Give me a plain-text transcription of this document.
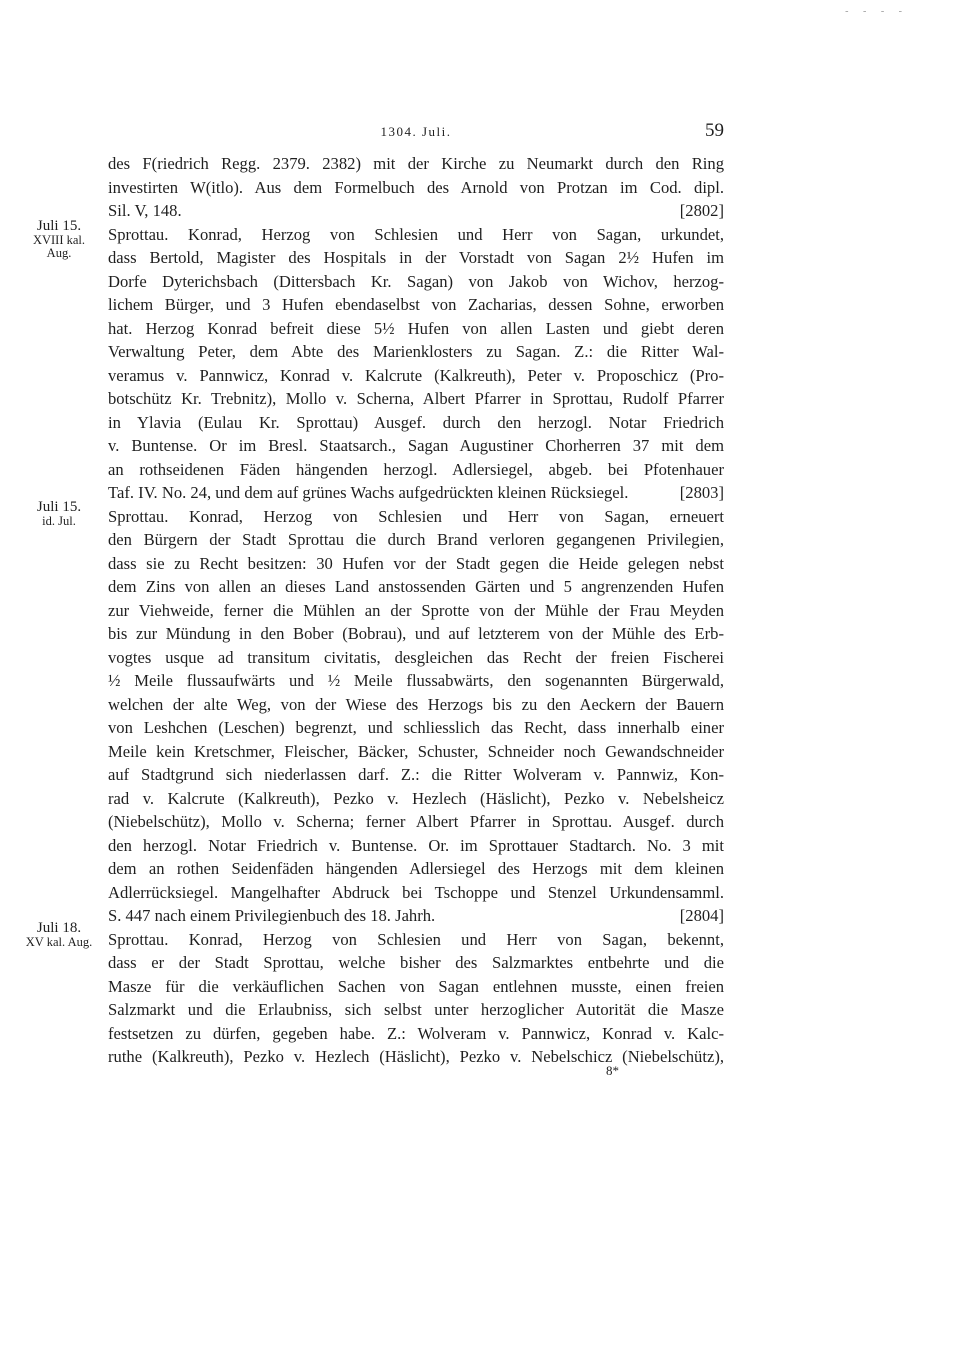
- - - -
1304. Juli.	59
Juli 15.
XVIII kal.
Aug.
Juli 15.
id. Jul.
Juli 18.
XV kal. Aug.
des F(riedrich Regg. 2379. 2382) mit der Kirche zu Neumarkt durch den Ring
investirten W(itlo). Aus dem Formelbuch des Arnold von Protzan im Cod. dipl.
Sil. V, 148.	[2802]
Sprottau. Konrad, Herzog von Schlesien und Herr von Sagan, urkundet,
dass Bertold, Magister des Hospitals in der Vorstadt von Sagan 2½ Hufen im
Dorfe Dyterichsbach (Dittersbach Kr. Sagan) von Jakob von Wichov, herzog-
lichem Bürger, und 3 Hufen ebendaselbst von Zacharias, dessen Sohne, erworben
hat. Herzog Konrad befreit diese 5½ Hufen von allen Lasten und giebt deren
Verwaltung Peter, dem Abte des Marienklosters zu Sagan. Z.: die Ritter Wal-
veramus v. Pannwicz, Konrad v. Kalcrute (Kalkreuth), Peter v. Proposchicz (Pro-
botschütz Kr. Trebnitz), Mollo v. Scherna, Albert Pfarrer in Sprottau, Rudolf Pfarrer
in Ylavia (Eulau Kr. Sprottau) Ausgef. durch den herzogl. Notar Friedrich
v. Buntense. Or im Bresl. Staatsarch., Sagan Augustiner Chorherren 37 mit dem
an rothseidenen Fäden hängenden herzogl. Adlersiegel, abgeb. bei Pfotenhauer
Taf. IV. No. 24, und dem auf grünes Wachs aufgedrückten kleinen Rücksiegel.	[2803]
Sprottau. Konrad, Herzog von Schlesien und Herr von Sagan, erneuert
den Bürgern der Stadt Sprottau die durch Brand verloren gegangenen Privilegien,
dass sie zu Recht besitzen: 30 Hufen vor der Stadt gegen die Heide gelegen nebst
dem Zins von allen an dieses Land anstossenden Gärten und 5 angrenzenden Hufen
zur Viehweide, ferner die Mühlen an der Sprotte von der Mühle der Frau Meyden
bis zur Mündung in den Bober (Bobrau), und auf letzterem von der Mühle des Erb-
vogtes usque ad transitum civitatis, desgleichen das Recht der freien Fischerei
½ Meile flussaufwärts und ½ Meile flussabwärts, den sogenannten Bürgerwald,
welchen der alte Weg, von der Wiese des Herzogs bis zu den Aeckern der Bauern
von Leshchen (Leschen) begrenzt, und schliesslich das Recht, dass innerhalb einer
Meile kein Kretschmer, Fleischer, Bäcker, Schuster, Schneider noch Gewandschneider
auf Stadtgrund sich niederlassen darf. Z.: die Ritter Wolveram v. Pannwiz, Kon-
rad v. Kalcrute (Kalkreuth), Pezko v. Hezlech (Häslicht), Pezko v. Nebelsheicz
(Niebelschütz), Mollo v. Scherna; ferner Albert Pfarrer in Sprottau. Ausgef. durch
den herzogl. Notar Friedrich v. Buntense. Or. im Sprottauer Stadtarch. No. 3 mit
dem an rothen Seidenfäden hängenden Adlersiegel des Herzogs mit dem kleinen
Adlerrücksiegel. Mangelhafter Abdruck bei Tschoppe und Stenzel Urkundensamml.
S. 447 nach einem Privilegienbuch des 18. Jahrh.	[2804]
Sprottau. Konrad, Herzog von Schlesien und Herr von Sagan, bekennt,
dass er der Stadt Sprottau, welche bisher des Salzmarktes entbehrte und die
Masze für die verkäuflichen Sachen von Sagan entlehnen musste, einen freien
Salzmarkt und die Erlaubniss, sich selbst unter herzoglicher Autorität die Masze
festsetzen zu dürfen, gegeben habe. Z.: Wolveram v. Pannwicz, Konrad v. Kalc-
ruthe (Kalkreuth), Pezko v. Hezlech (Häslicht), Pezko v. Nebelschicz (Niebelschütz),
8*
